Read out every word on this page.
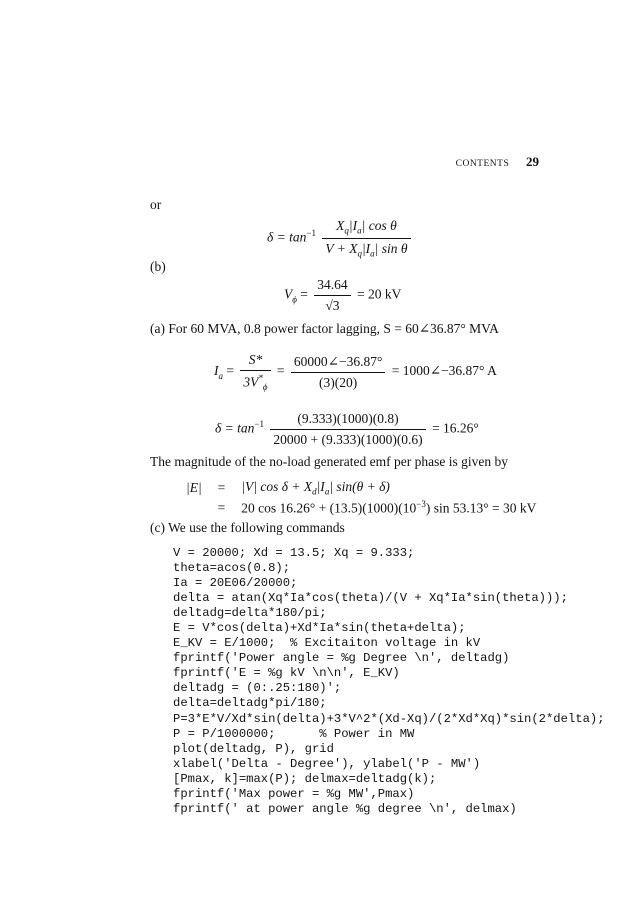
CONTENTS 29
or
$\delta = \tan^{-1} \frac{X_q|I_a| \cos \theta}{V + X_q|I_a| \sin \theta}$
(b)
$V_\phi = \frac{34.64}{√3} = 20$ kV
(a) For 60 MVA, 0.8 power factor lagging, S = 60∠36.87° MVA
$I_a = \frac{S*}{3V^*_\phi} = \frac{60000\angle-36.87^\circ}{(3)(20)}$ = 1000∠−36.87° A
$\delta = \tan^{-1} \frac{(9.333)(1000)(0.8)}{20000 + (9.333)(1000)(0.6)} = 16.26^\circ$
The magnitude of the no-load generated emf per phase is given by
|E|	=	|V| $\cos \delta + X_d|I_a|$ sin(θ + δ)
	=	20 $\cos 16.26^\circ + (13.5)(1000)(10^{-3})$ sin 53.13° = 30 kV
(c) We use the following commands
V = 20000; Xd = 13.5; Xq = 9.333;
theta=acos(0.8);
Ia = 20E06/20000;
delta = atan(Xq*Ia*cos(theta)/(V + Xq*Ia*sin(theta)));
deltadg=delta*180/pi;
E = V*cos(delta)+Xd*Ia*sin(theta+delta);
E_KV = E/1000;  % Excitaiton voltage in kV
fprintf('Power angle = %g Degree \n', deltadg)
fprintf('E = %g kV \n\n', E_KV)
deltadg = (0:.25:180)';
delta=deltadg*pi/180;
P=3*E*V/Xd*sin(delta)+3*V^2*(Xd-Xq)/(2*Xd*Xq)*sin(2*delta);
P = P/1000000;      % Power in MW
plot(deltadg, P), grid
xlabel('Delta - Degree'), ylabel('P - MW')
[Pmax, k]=max(P); delmax=deltadg(k);
fprintf('Max power = %g MW',Pmax)
fprintf(' at power angle %g degree \n', delmax)
